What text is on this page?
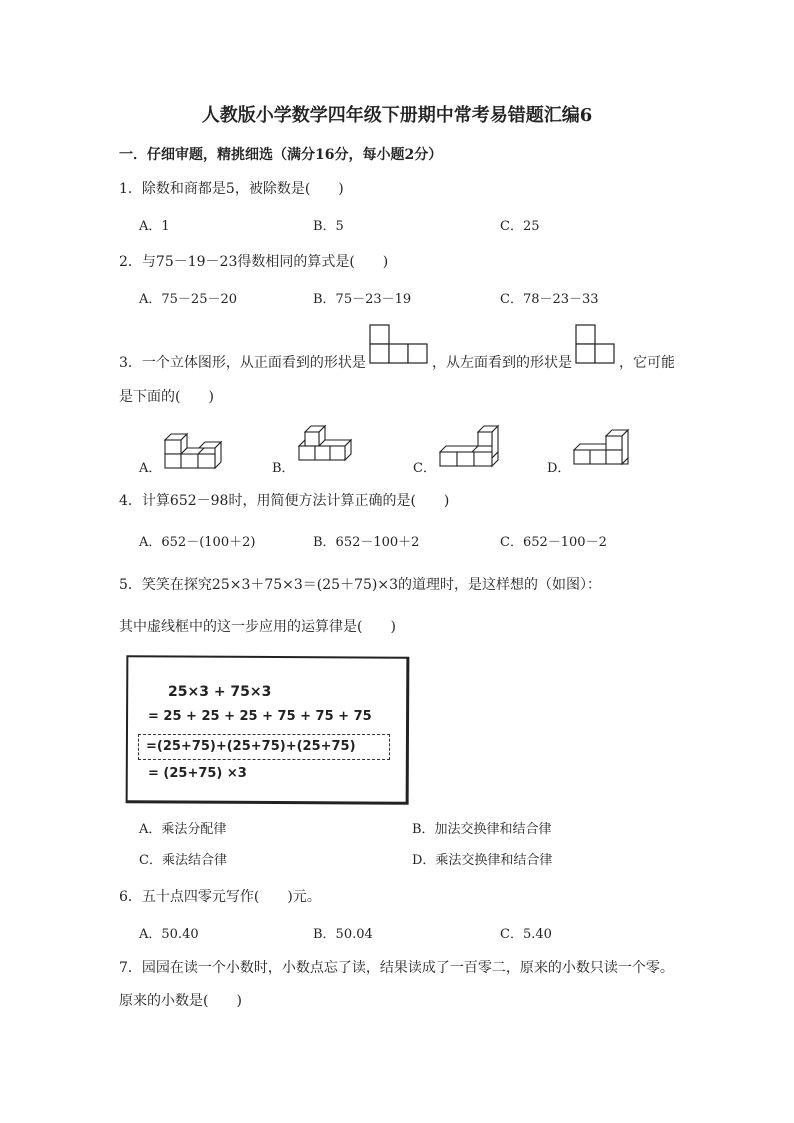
人教版小学数学四年级下册期中常考易错题汇编6
一．仔细审题，精挑细选（满分16分，每小题2分）
1．除数和商都是5，被除数是(　　)
A．1	B．5	C．25
2．与75－19－23得数相同的算式是(　　)
A．75－25－20	B．75－23－19	C．78－23－33
3．一个立体图形，从正面看到的形状是	，从左面看到的形状是	，它可能
是下面的(　　)
A．	B．	C．	D．
4．计算652－98时，用简便方法计算正确的是(　　)
A．652－(100＋2)	B．652－100＋2	C．652－100－2
5．笑笑在探究25×3＋75×3＝(25＋75)×3的道理时，是这样想的（如图）：
其中虚线框中的这一步应用的运算律是(　　)
25×3 + 75×3
= 25 + 25 + 25 + 75 + 75 + 75
=(25+75)+(25+75)+(25+75)
= (25+75) ×3
A．乘法分配律	B．加法交换律和结合律
C．乘法结合律	D．乘法交换律和结合律
6．五十点四零元写作(　　)元。
A．50.40	B．50.04	C．5.40
7．园园在读一个小数时，小数点忘了读，结果读成了一百零二，原来的小数只读一个零。
原来的小数是(　　)
